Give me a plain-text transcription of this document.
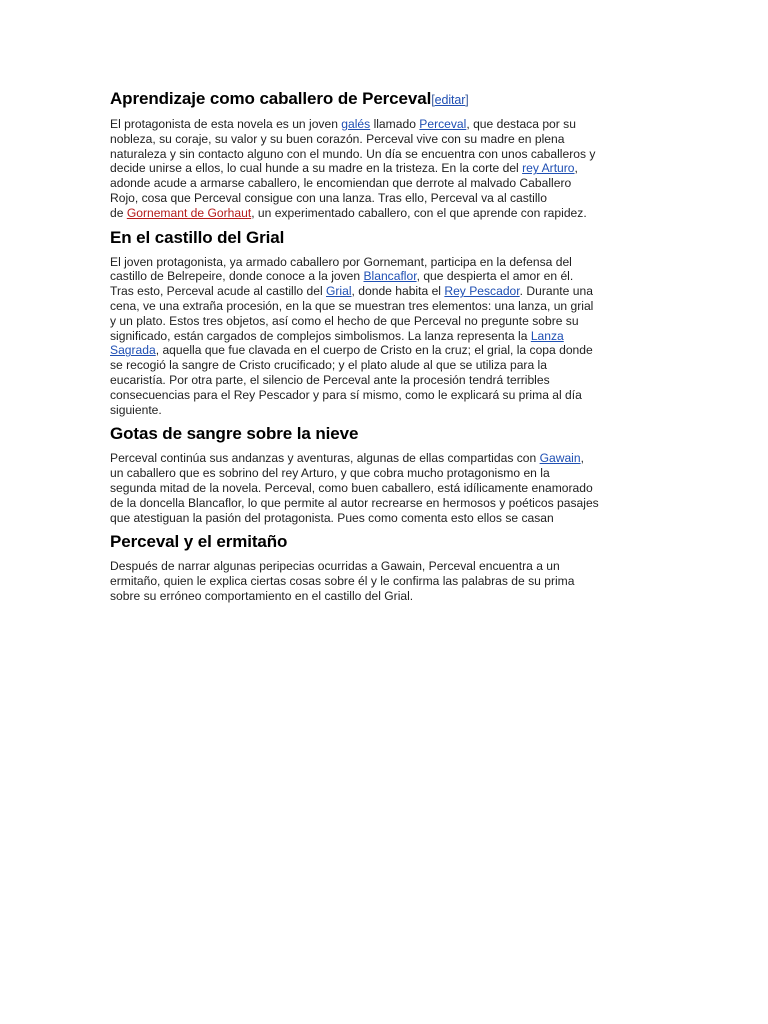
Aprendizaje como caballero de Perceval[editar]

El protagonista de esta novela es un joven galés llamado Perceval, que destaca por su
nobleza, su coraje, su valor y su buen corazón. Perceval vive con su madre en plena
naturaleza y sin contacto alguno con el mundo. Un día se encuentra con unos caballeros y
decide unirse a ellos, lo cual hunde a su madre en la tristeza. En la corte del rey Arturo,
adonde acude a armarse caballero, le encomiendan que derrote al malvado Caballero
Rojo, cosa que Perceval consigue con una lanza. Tras ello, Perceval va al castillo
de Gornemant de Gorhaut, un experimentado caballero, con el que aprende con rapidez.

En el castillo del Grial

El joven protagonista, ya armado caballero por Gornemant, participa en la defensa del
castillo de Belrepeire, donde conoce a la joven Blancaflor, que despierta el amor en él.
Tras esto, Perceval acude al castillo del Grial, donde habita el Rey Pescador. Durante una
cena, ve una extraña procesión, en la que se muestran tres elementos: una lanza, un grial
y un plato. Estos tres objetos, así como el hecho de que Perceval no pregunte sobre su
significado, están cargados de complejos simbolismos. La lanza representa la Lanza
Sagrada, aquella que fue clavada en el cuerpo de Cristo en la cruz; el grial, la copa donde
se recogió la sangre de Cristo crucificado; y el plato alude al que se utiliza para la
eucaristía. Por otra parte, el silencio de Perceval ante la procesión tendrá terribles
consecuencias para el Rey Pescador y para sí mismo, como le explicará su prima al día
siguiente.

Gotas de sangre sobre la nieve

Perceval continúa sus andanzas y aventuras, algunas de ellas compartidas con Gawain,
un caballero que es sobrino del rey Arturo, y que cobra mucho protagonismo en la
segunda mitad de la novela. Perceval, como buen caballero, está idílicamente enamorado
de la doncella Blancaflor, lo que permite al autor recrearse en hermosos y poéticos pasajes
que atestiguan la pasión del protagonista. Pues como comenta esto ellos se casan

Perceval y el ermitaño

Después de narrar algunas peripecias ocurridas a Gawain, Perceval encuentra a un
ermitaño, quien le explica ciertas cosas sobre él y le confirma las palabras de su prima
sobre su erróneo comportamiento en el castillo del Grial.
